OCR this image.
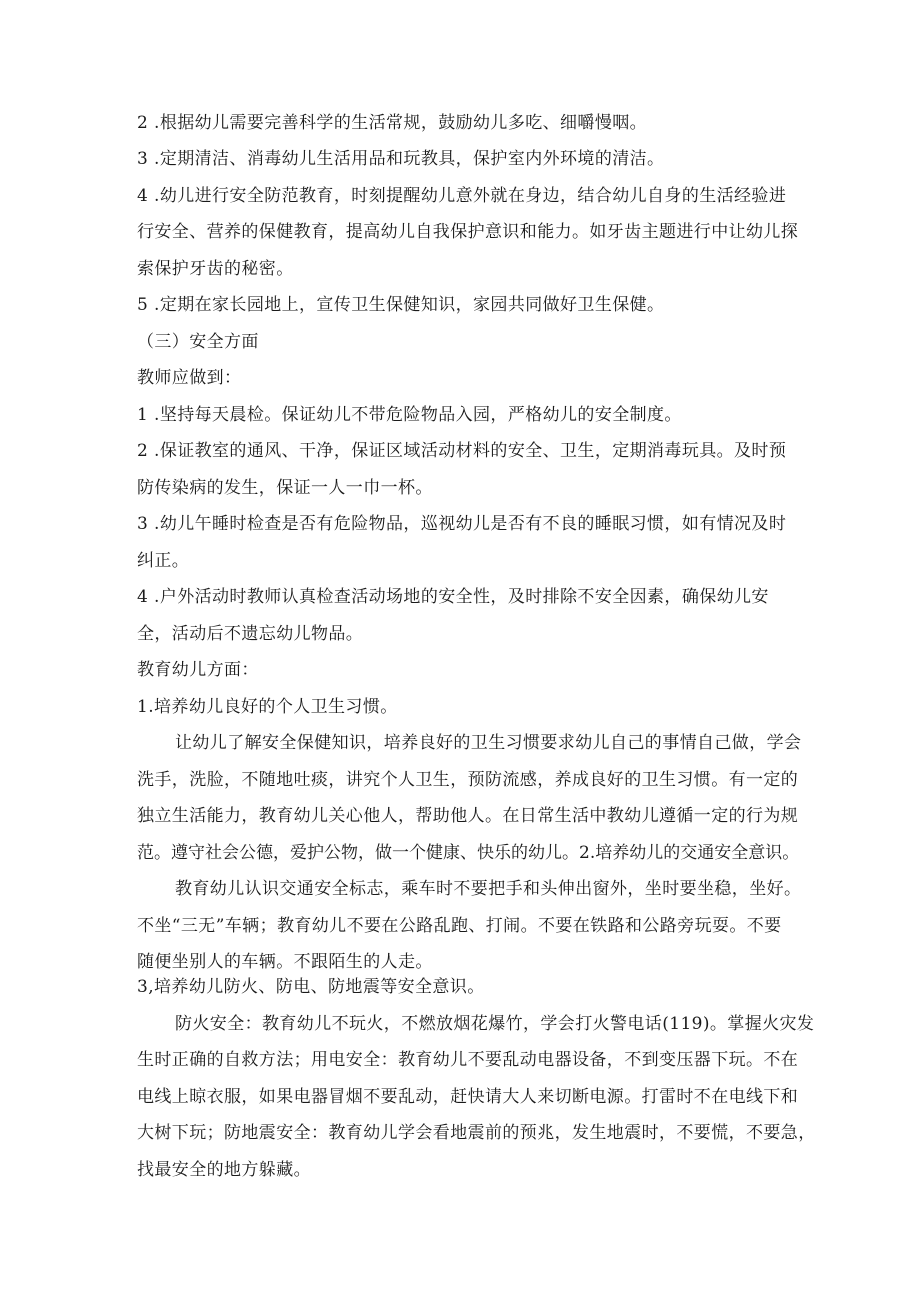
2 .根据幼儿需要完善科学的生活常规，鼓励幼儿多吃、细嚼慢咽。
3 .定期清洁、消毒幼儿生活用品和玩教具，保护室内外环境的清洁。
4 .幼儿进行安全防范教育，时刻提醒幼儿意外就在身边，结合幼儿自身的生活经验进
行安全、营养的保健教育，提高幼儿自我保护意识和能力。如牙齿主题进行中让幼儿探
索保护牙齿的秘密。
5 .定期在家长园地上，宣传卫生保健知识，家园共同做好卫生保健。
（三）安全方面
教师应做到：
1 .坚持每天晨检。保证幼儿不带危险物品入园，严格幼儿的安全制度。
2 .保证教室的通风、干净，保证区域活动材料的安全、卫生，定期消毒玩具。及时预
防传染病的发生，保证一人一巾一杯。
3 .幼儿午睡时检查是否有危险物品，巡视幼儿是否有不良的睡眠习惯，如有情况及时
纠正。
4 .户外活动时教师认真检查活动场地的安全性，及时排除不安全因素，确保幼儿安
全，活动后不遗忘幼儿物品。
教育幼儿方面：
1.培养幼儿良好的个人卫生习惯。
让幼儿了解安全保健知识，培养良好的卫生习惯要求幼儿自己的事情自己做，学会
洗手，洗脸，不随地吐痰，讲究个人卫生，预防流感，养成良好的卫生习惯。有一定的
独立生活能力，教育幼儿关心他人，帮助他人。在日常生活中教幼儿遵循一定的行为规
范。遵守社会公德，爱护公物，做一个健康、快乐的幼儿。2.培养幼儿的交通安全意识。
教育幼儿认识交通安全标志，乘车时不要把手和头伸出窗外，坐时要坐稳，坐好。
不坐“三无”车辆；教育幼儿不要在公路乱跑、打闹。不要在铁路和公路旁玩耍。不要
随便坐别人的车辆。不跟陌生的人走。
3,培养幼儿防火、防电、防地震等安全意识。
防火安全：教育幼儿不玩火，不燃放烟花爆竹，学会打火警电话(119)。掌握火灾发
生时正确的自救方法；用电安全：教育幼儿不要乱动电器设备，不到变压器下玩。不在
电线上晾衣服，如果电器冒烟不要乱动，赶快请大人来切断电源。打雷时不在电线下和
大树下玩；防地震安全：教育幼儿学会看地震前的预兆，发生地震时，不要慌，不要急，
找最安全的地方躲藏。
